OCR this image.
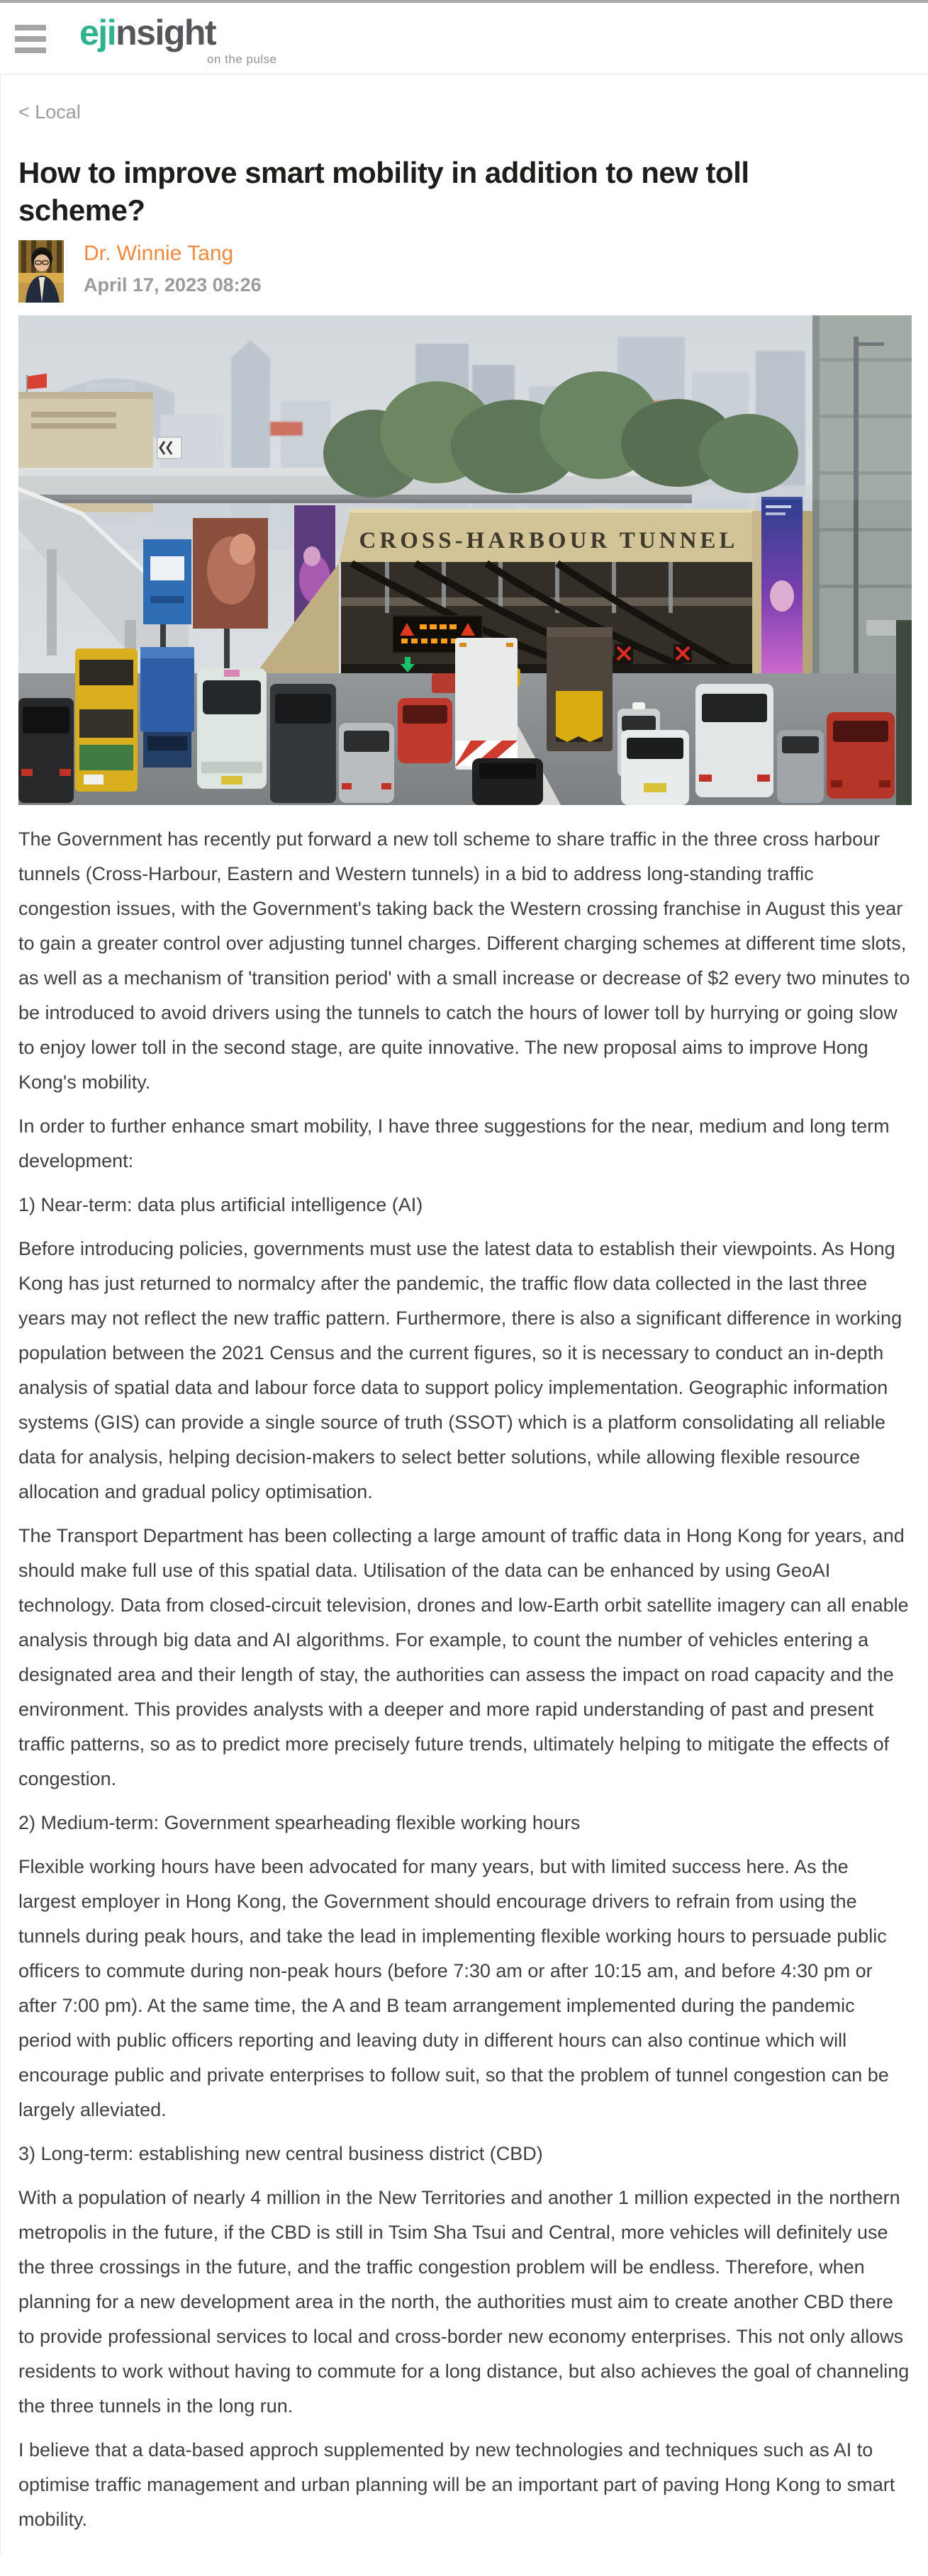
ejinsight
on the pulse
< Local
How to improve smart mobility in addition to new toll scheme?
Dr. Winnie Tang
April 17, 2023 08:26
CROSS-HARBOUR TUNNEL

The Government has recently put forward a new toll scheme to share traffic in the three cross harbour tunnels (Cross-Harbour, Eastern and Western tunnels) in a bid to address long-standing traffic congestion issues, with the Government's taking back the Western crossing franchise in August this year to gain a greater control over adjusting tunnel charges. Different charging schemes at different time slots, as well as a mechanism of 'transition period' with a small increase or decrease of $2 every two minutes to be introduced to avoid drivers using the tunnels to catch the hours of lower toll by hurrying or going slow to enjoy lower toll in the second stage, are quite innovative. The new proposal aims to improve Hong Kong's mobility.

In order to further enhance smart mobility, I have three suggestions for the near, medium and long term development:

1) Near-term: data plus artificial intelligence (AI)

Before introducing policies, governments must use the latest data to establish their viewpoints. As Hong Kong has just returned to normalcy after the pandemic, the traffic flow data collected in the last three years may not reflect the new traffic pattern. Furthermore, there is also a significant difference in working population between the 2021 Census and the current figures, so it is necessary to conduct an in-depth analysis of spatial data and labour force data to support policy implementation. Geographic information systems (GIS) can provide a single source of truth (SSOT) which is a platform consolidating all reliable data for analysis, helping decision-makers to select better solutions, while allowing flexible resource allocation and gradual policy optimisation.

The Transport Department has been collecting a large amount of traffic data in Hong Kong for years, and should make full use of this spatial data. Utilisation of the data can be enhanced by using GeoAI technology. Data from closed-circuit television, drones and low-Earth orbit satellite imagery can all enable analysis through big data and AI algorithms. For example, to count the number of vehicles entering a designated area and their length of stay, the authorities can assess the impact on road capacity and the environment. This provides analysts with a deeper and more rapid understanding of past and present traffic patterns, so as to predict more precisely future trends, ultimately helping to mitigate the effects of congestion.

2) Medium-term: Government spearheading flexible working hours

Flexible working hours have been advocated for many years, but with limited success here. As the largest employer in Hong Kong, the Government should encourage drivers to refrain from using the tunnels during peak hours, and take the lead in implementing flexible working hours to persuade public officers to commute during non-peak hours (before 7:30 am or after 10:15 am, and before 4:30 pm or after 7:00 pm). At the same time, the A and B team arrangement implemented during the pandemic period with public officers reporting and leaving duty in different hours can also continue which will encourage public and private enterprises to follow suit, so that the problem of tunnel congestion can be largely alleviated.

3) Long-term: establishing new central business district (CBD)

With a population of nearly 4 million in the New Territories and another 1 million expected in the northern metropolis in the future, if the CBD is still in Tsim Sha Tsui and Central, more vehicles will definitely use the three crossings in the future, and the traffic congestion problem will be endless. Therefore, when planning for a new development area in the north, the authorities must aim to create another CBD there to provide professional services to local and cross-border new economy enterprises. This not only allows residents to work without having to commute for a long distance, but also achieves the goal of channeling the three tunnels in the long run.

I believe that a data-based approch supplemented by new technologies and techniques such as AI to optimise traffic management and urban planning will be an important part of paving Hong Kong to smart mobility.
